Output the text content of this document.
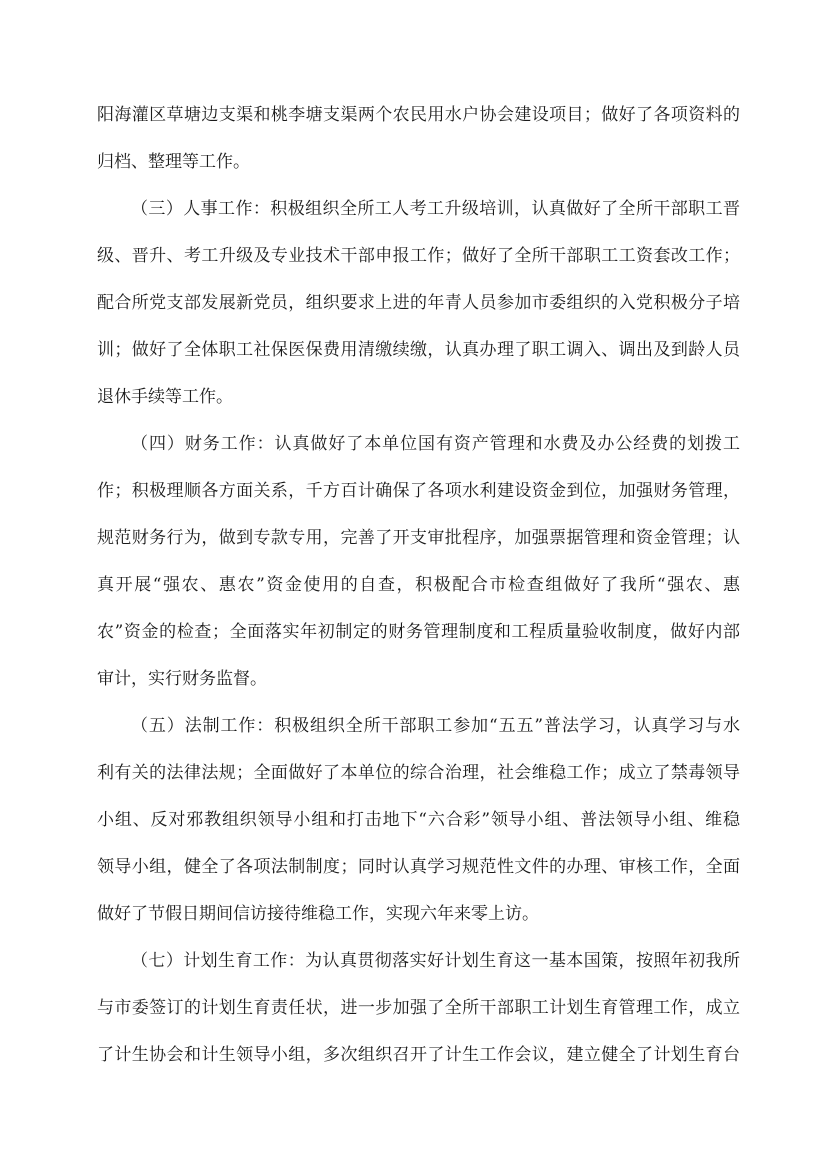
阳海灌区草塘边支渠和桃李塘支渠两个农民用水户协会建设项目；做好了各项资料的
归档、整理等工作。
（三）人事工作：积极组织全所工人考工升级培训，认真做好了全所干部职工晋
级、晋升、考工升级及专业技术干部申报工作；做好了全所干部职工工资套改工作；
配合所党支部发展新党员，组织要求上进的年青人员参加市委组织的入党积极分子培
训；做好了全体职工社保医保费用清缴续缴，认真办理了职工调入、调出及到龄人员
退休手续等工作。
（四）财务工作：认真做好了本单位国有资产管理和水费及办公经费的划拨工
作；积极理顺各方面关系，千方百计确保了各项水利建设资金到位，加强财务管理，
规范财务行为，做到专款专用，完善了开支审批程序，加强票据管理和资金管理；认
真开展“强农、惠农”资金使用的自查，积极配合市检查组做好了我所“强农、惠
农”资金的检查；全面落实年初制定的财务管理制度和工程质量验收制度，做好内部
审计，实行财务监督。
（五）法制工作：积极组织全所干部职工参加“五五”普法学习，认真学习与水
利有关的法律法规；全面做好了本单位的综合治理，社会维稳工作；成立了禁毒领导
小组、反对邪教组织领导小组和打击地下“六合彩”领导小组、普法领导小组、维稳
领导小组，健全了各项法制制度；同时认真学习规范性文件的办理、审核工作，全面
做好了节假日期间信访接待维稳工作，实现六年来零上访。
（七）计划生育工作：为认真贯彻落实好计划生育这一基本国策，按照年初我所
与市委签订的计划生育责任状，进一步加强了全所干部职工计划生育管理工作，成立
了计生协会和计生领导小组，多次组织召开了计生工作会议，建立健全了计划生育台
